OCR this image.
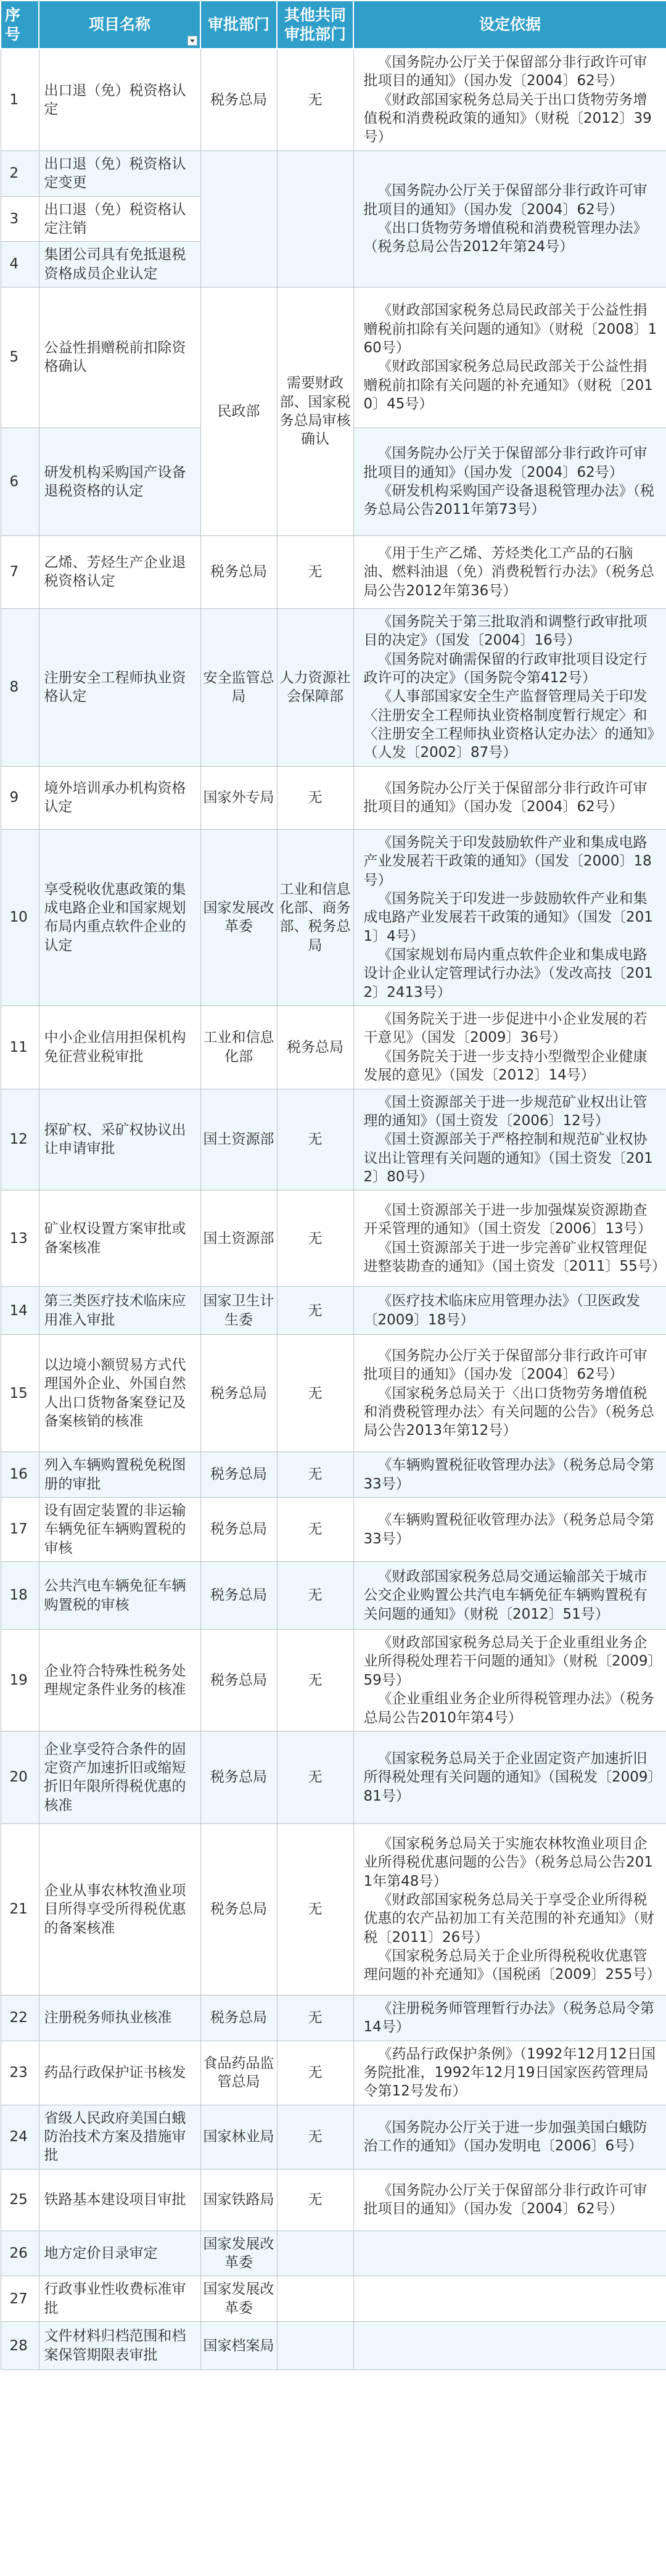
序号	项目名称	审批部门	其他共同审批部门	设定依据
1	出口退（免）税资格认定	税务总局	无	《国务院办公厅关于保留部分非行政许可审批项目的通知》（国办发〔2004〕62号）

《财政部国家税务总局关于出口货物劳务增值税和消费税政策的通知》（财税〔2012〕39号）

2	出口退（免）税资格认定变更			《国务院办公厅关于保留部分非行政许可审批项目的通知》（国办发〔2004〕62号）

《出口货物劳务增值税和消费税管理办法》（税务总局公告2012年第24号）

3	出口退（免）税资格认定注销			
4	集团公司具有免抵退税资格成员企业认定			
5	公益性捐赠税前扣除资格确认	民政部	需要财政部、国家税务总局审核确认	《财政部国家税务总局民政部关于公益性捐赠税前扣除有关问题的通知》（财税〔2008〕160号）

《财政部国家税务总局民政部关于公益性捐赠税前扣除有关问题的补充通知》（财税〔2010〕45号）

6	研发机构采购国产设备退税资格的认定			《国务院办公厅关于保留部分非行政许可审批项目的通知》（国办发〔2004〕62号）

《研发机构采购国产设备退税管理办法》（税务总局公告2011年第73号）

7	乙烯、芳烃生产企业退税资格认定	税务总局	无	《用于生产乙烯、芳烃类化工产品的石脑油、燃料油退（免）消费税暂行办法》（税务总局公告2012年第36号）

8	注册安全工程师执业资格认定	安全监管总局	人力资源社会保障部	《国务院关于第三批取消和调整行政审批项目的决定》（国发〔2004〕16号）

《国务院对确需保留的行政审批项目设定行政许可的决定》（国务院令第412号）

《人事部国家安全生产监督管理局关于印发〈注册安全工程师执业资格制度暂行规定〉和〈注册安全工程师执业资格认定办法〉的通知》（人发〔2002〕87号）

9	境外培训承办机构资格认定	国家外专局	无	《国务院办公厅关于保留部分非行政许可审批项目的通知》（国办发〔2004〕62号）

10	享受税收优惠政策的集成电路企业和国家规划布局内重点软件企业的认定	国家发展改革委	工业和信息化部、商务部、税务总局	《国务院关于印发鼓励软件产业和集成电路产业发展若干政策的通知》（国发〔2000〕18号）

《国务院关于印发进一步鼓励软件产业和集成电路产业发展若干政策的通知》（国发〔2011〕4号）

《国家规划布局内重点软件企业和集成电路设计企业认定管理试行办法》（发改高技〔2012〕2413号）

11	中小企业信用担保机构免征营业税审批	工业和信息化部	税务总局	《国务院关于进一步促进中小企业发展的若干意见》（国发〔2009〕36号）

《国务院关于进一步支持小型微型企业健康发展的意见》（国发〔2012〕14号）

12	探矿权、采矿权协议出让申请审批	国土资源部	无	《国土资源部关于进一步规范矿业权出让管理的通知》（国土资发〔2006〕12号）

《国土资源部关于严格控制和规范矿业权协议出让管理有关问题的通知》（国土资发〔2012〕80号）

13	矿业权设置方案审批或备案核准	国土资源部	无	《国土资源部关于进一步加强煤炭资源勘查开采管理的通知》（国土资发〔2006〕13号）

《国土资源部关于进一步完善矿业权管理促进整装勘查的通知》（国土资发〔2011〕55号）

14	第三类医疗技术临床应用准入审批	国家卫生计生委	无	《医疗技术临床应用管理办法》（卫医政发〔2009〕18号）

15	以边境小额贸易方式代理国外企业、外国自然人出口货物备案登记及备案核销的核准	税务总局	无	《国务院办公厅关于保留部分非行政许可审批项目的通知》（国办发〔2004〕62号）

《国家税务总局关于〈出口货物劳务增值税和消费税管理办法〉有关问题的公告》（税务总局公告2013年第12号）

16	列入车辆购置税免税图册的审批	税务总局	无	《车辆购置税征收管理办法》（税务总局令第33号）

17	设有固定装置的非运输车辆免征车辆购置税的审核	税务总局	无	《车辆购置税征收管理办法》（税务总局令第33号）

18	公共汽电车辆免征车辆购置税的审核	税务总局	无	《财政部国家税务总局交通运输部关于城市公交企业购置公共汽电车辆免征车辆购置税有关问题的通知》（财税〔2012〕51号）

19	企业符合特殊性税务处理规定条件业务的核准	税务总局	无	《财政部国家税务总局关于企业重组业务企业所得税处理若干问题的通知》（财税〔2009〕59号）

《企业重组业务企业所得税管理办法》（税务总局公告2010年第4号）

20	企业享受符合条件的固定资产加速折旧或缩短折旧年限所得税优惠的核准	税务总局	无	《国家税务总局关于企业固定资产加速折旧所得税处理有关问题的通知》（国税发〔2009〕81号）

21	企业从事农林牧渔业项目所得享受所得税优惠的备案核准	税务总局	无	《国家税务总局关于实施农林牧渔业项目企业所得税优惠问题的公告》（税务总局公告2011年第48号）

《财政部国家税务总局关于享受企业所得税优惠的农产品初加工有关范围的补充通知》（财税〔2011〕26号）

《国家税务总局关于企业所得税税收优惠管理问题的补充通知》（国税函〔2009〕255号）

22	注册税务师执业核准	税务总局	无	《注册税务师管理暂行办法》（税务总局令第14号）

23	药品行政保护证书核发	食品药品监管总局	无	《药品行政保护条例》（1992年12月12日国务院批准，1992年12月19日国家医药管理局令第12号发布）

24	省级人民政府美国白蛾防治技术方案及措施审批	国家林业局	无	《国务院办公厅关于进一步加强美国白蛾防治工作的通知》（国办发明电〔2006〕6号）

25	铁路基本建设项目审批	国家铁路局	无	《国务院办公厅关于保留部分非行政许可审批项目的通知》（国办发〔2004〕62号）

26	地方定价目录审定	国家发展改革委		
27	行政事业性收费标准审批	国家发展改革委		
28	文件材料归档范围和档案保管期限表审批	国家档案局		
